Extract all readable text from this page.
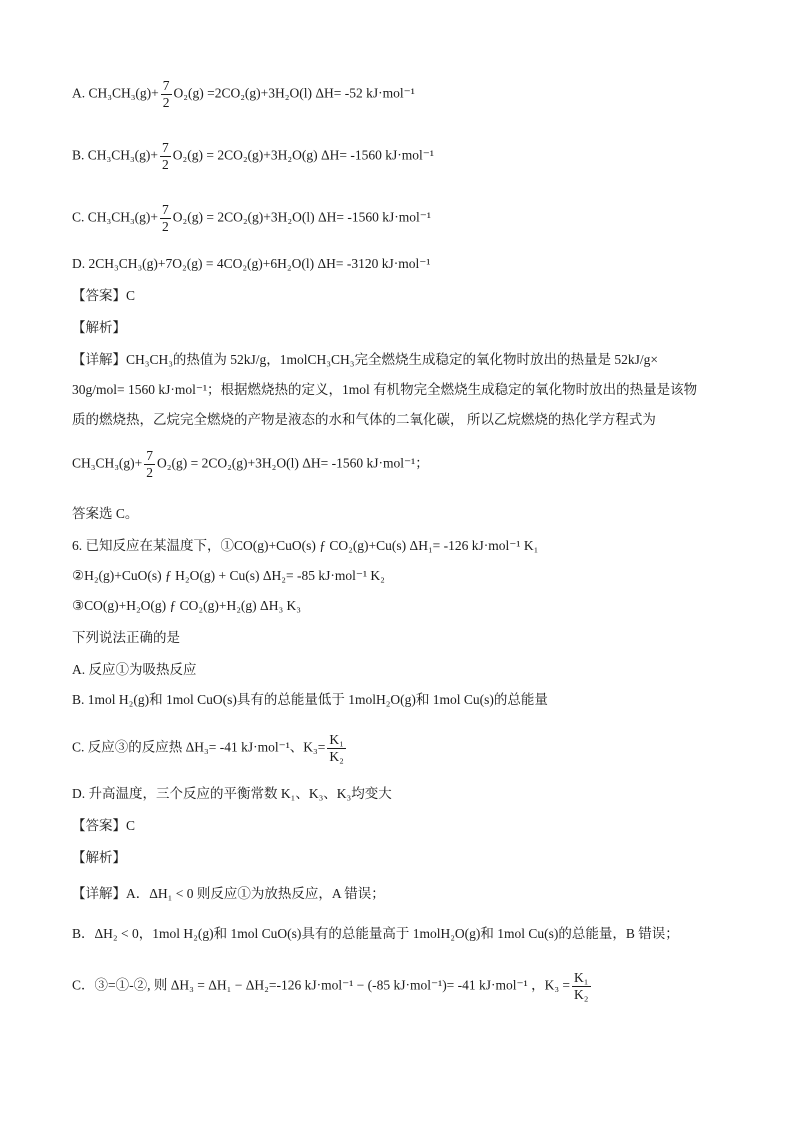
A. $CH_3CH_3(g)+ \frac{7}{2} O_2(g) =2CO_2(g)+3H_2O(l)$ ΔH= -52 kJ·mol⁻¹
B. $CH_3CH_3(g)+ \frac{7}{2} O_2(g) = 2CO_2(g)+3H_2O(g)$ ΔH= -1560 kJ·mol⁻¹
C. $CH_3CH_3(g)+ \frac{7}{2} O_2(g) = 2CO_2(g)+3H_2O(l)$ ΔH= -1560 kJ·mol⁻¹
D. 2CH₃CH₃(g)+7O₂(g) = 4CO₂(g)+6H₂O(l) ΔH= -3120 kJ·mol⁻¹
【答案】C
【解析】
【详解】CH₃CH₃的热值为 52kJ/g，1molCH₃CH₃完全燃烧生成稳定的氧化物时放出的热量是 52kJ/g×
30g/mol= 1560 kJ·mol⁻¹；根据燃烧热的定义，1mol 有机物完全燃烧生成稳定的氧化物时放出的热量是该物
质的燃烧热，乙烷完全燃烧的产物是液态的水和气体的二氧化碳， 所以乙烷燃烧的热化学方程式为
$CH_3CH_3(g)+ \frac{7}{2} O_2(g) = 2CO_2(g)+3H_2O(l)$ ΔH= -1560 kJ·mol⁻¹；
答案选 C。
6. 已知反应在某温度下，①CO(g)+CuO(s) ƒ CO₂(g)+Cu(s) ΔH₁= -126 kJ·mol⁻¹ K₁
②H₂(g)+CuO(s) ƒ H₂O(g) + Cu(s) ΔH₂= -85 kJ·mol⁻¹ K₂
③CO(g)+H₂O(g) ƒ CO₂(g)+H₂(g) ΔH₃ K₃
下列说法正确的是
A. 反应①为吸热反应
B. 1mol H₂(g)和 1mol CuO(s)具有的总能量低于 1molH₂O(g)和 1mol Cu(s)的总能量
C. 反应③的反应热 ΔH₃= -41 kJ·mol⁻¹、$K_3= \frac{\text{K₁}}{\text{K₂}}$
D. 升高温度，三个反应的平衡常数 K₁、K₃、K₃均变大
【答案】C
【解析】
【详解】A．ΔH₁ < 0 则反应①为放热反应，A 错误；
B．ΔH₂ < 0，1mol H₂(g)和 1mol CuO(s)具有的总能量高于 1molH₂O(g)和 1mol Cu(s)的总能量，B 错误；
C．③=①-②, 则 ΔH₃ = ΔH₁ − ΔH₂=-126 kJ·mol⁻¹ − (-85 kJ·mol⁻¹)= -41 kJ·mol⁻¹ ，$K_3 = \frac{\text{K₁}}{\text{K₂}}$
